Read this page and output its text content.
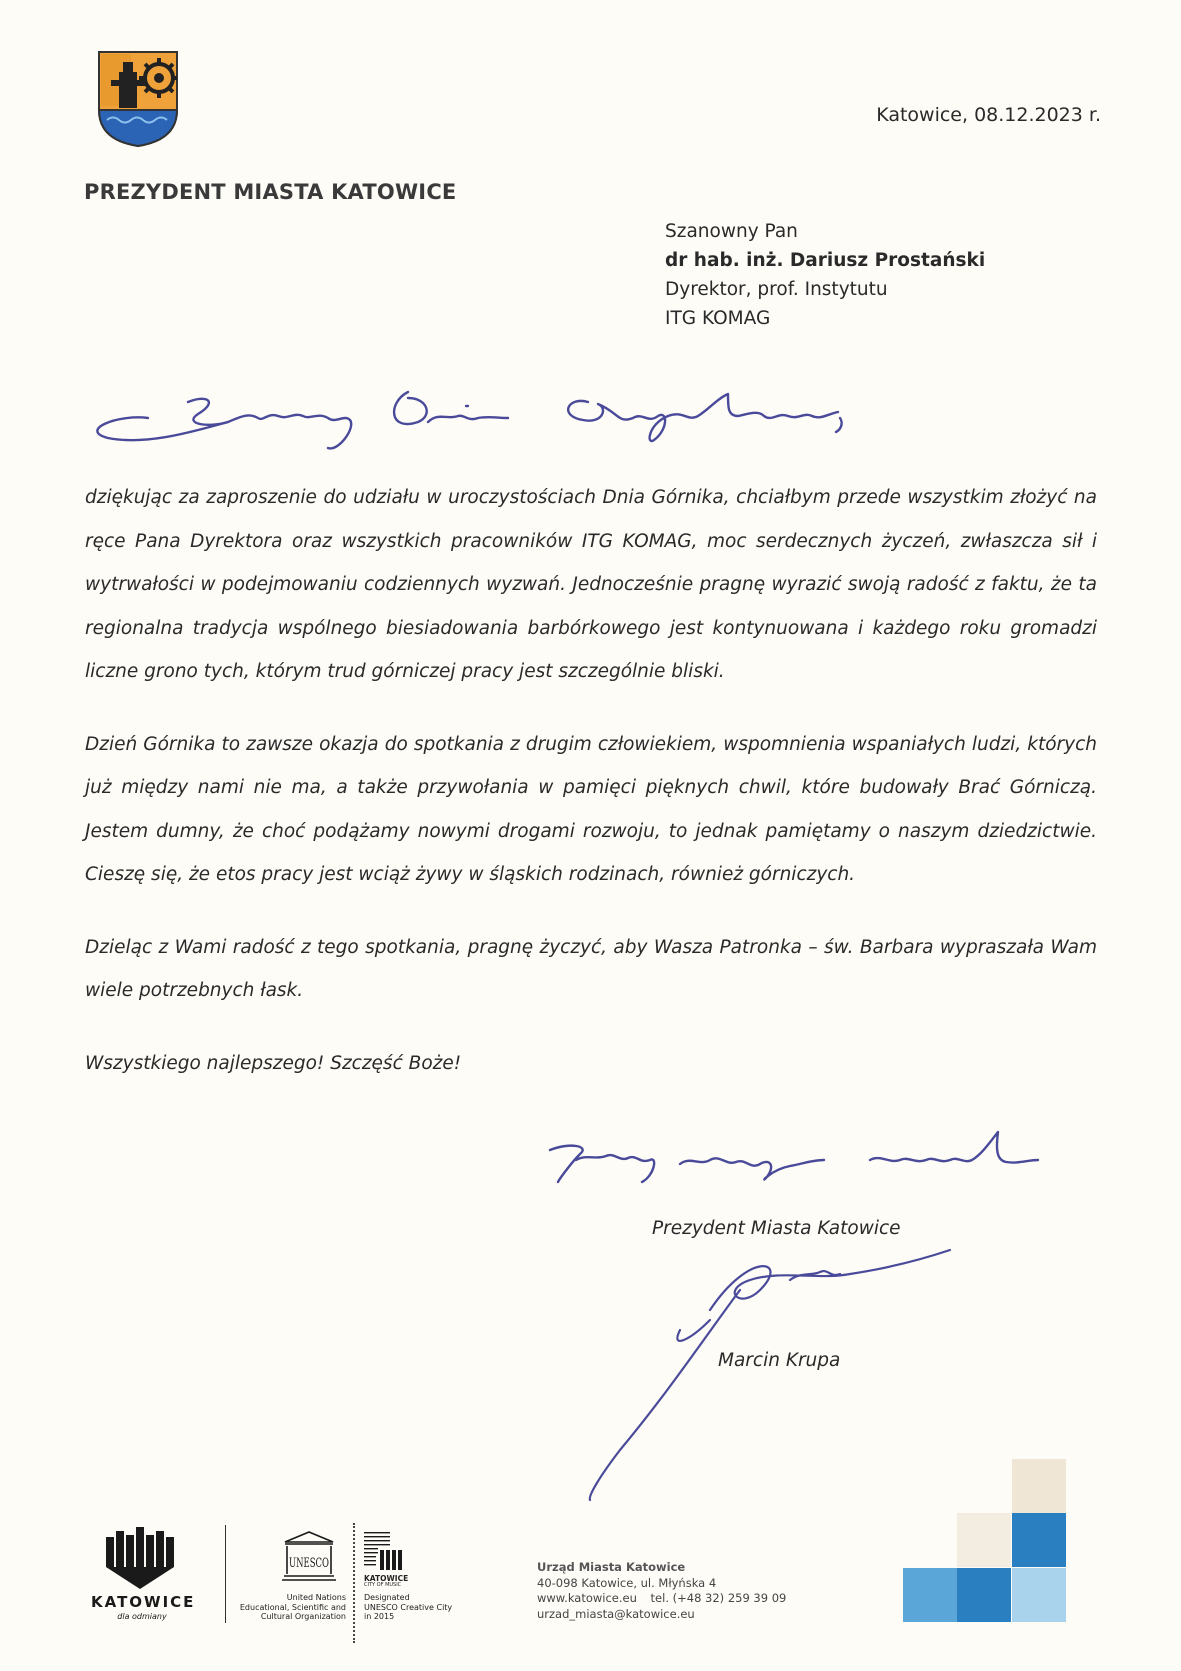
PREZYDENT MIASTA KATOWICE
Katowice, 08.12.2023 r.
Szanowny Pan
dr hab. inż. Dariusz Prostański
Dyrektor, prof. Instytutu
ITG KOMAG

dziękując za zaproszenie do udziału w uroczystościach Dnia Górnika, chciałbym przede wszystkim złożyć na ręce Pana Dyrektora oraz wszystkich pracowników ITG KOMAG, moc serdecznych życzeń, zwłaszcza sił i wytrwałości w podejmowaniu codziennych wyzwań. Jednocześnie pragnę wyrazić swoją radość z faktu, że ta regionalna tradycja wspólnego biesiadowania barbórkowego jest kontynuowana i każdego roku gromadzi liczne grono tych, którym trud górniczej pracy jest szczególnie bliski.

Dzień Górnika to zawsze okazja do spotkania z drugim człowiekiem, wspomnienia wspaniałych ludzi, których już między nami nie ma, a także przywołania w pamięci pięknych chwil, które budowały Brać Górniczą. Jestem dumny, że choć podążamy nowymi drogami rozwoju, to jednak pamiętamy o naszym dziedzictwie. Cieszę się, że etos pracy jest wciąż żywy w śląskich rodzinach, również górniczych.

Dzieląc z Wami radość z tego spotkania, pragnę życzyć, aby Wasza Patronka – św. Barbara wypraszała Wam wiele potrzebnych łask.

Wszystkiego najlepszego! Szczęść Boże!

Prezydent Miasta Katowice
Marcin Krupa
KATOWICE
dla odmiany
UNESCO
United Nations
Educational, Scientific and
Cultural Organization
KATOWICE
CITY OF MUSIC
Designated
UNESCO Creative City
in 2015
Urząd Miasta Katowice
40-098 Katowice, ul. Młyńska 4
www.katowice.eu tel. (+48 32) 259 39 09
urzad_miasta@katowice.eu
